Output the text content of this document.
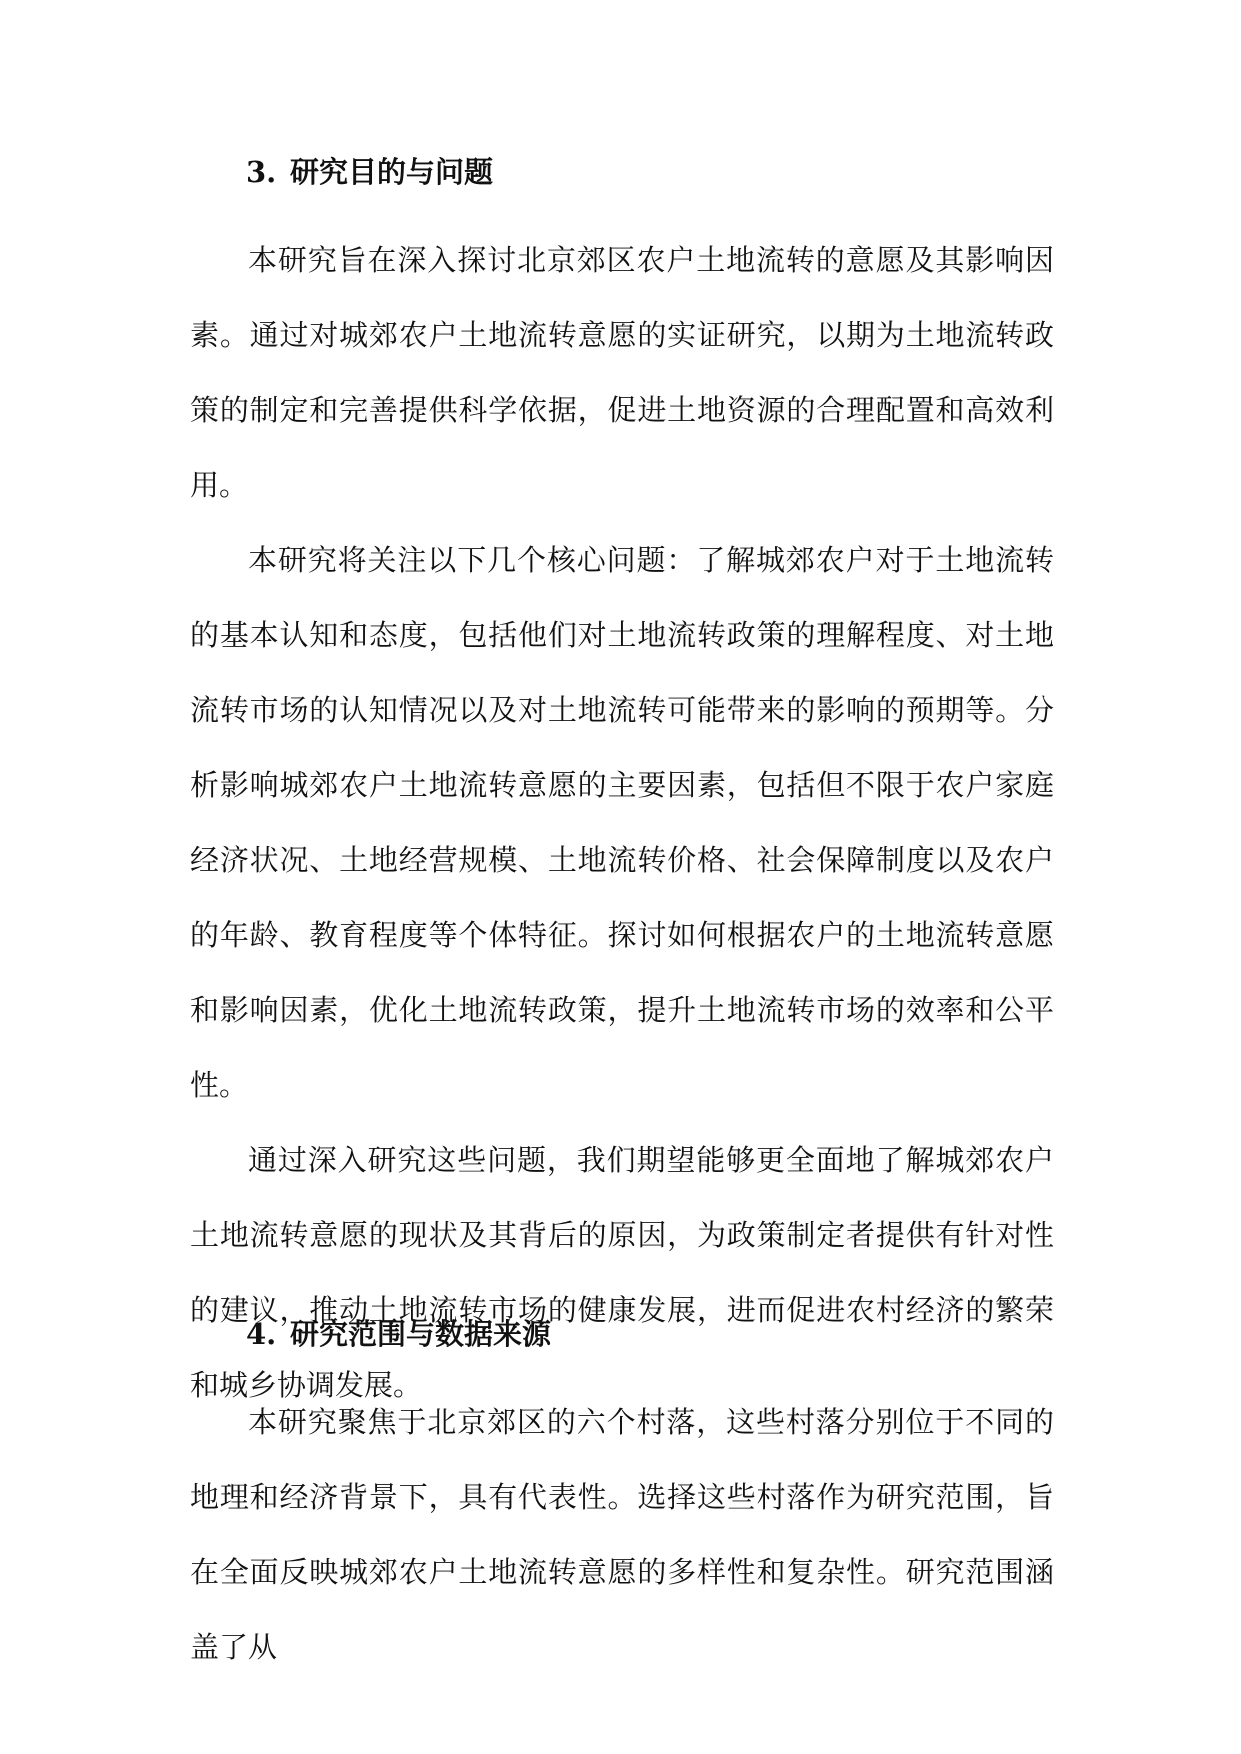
3. 研究目的与问题

本研究旨在深入探讨北京郊区农户土地流转的意愿及其影响因素。通过对城郊农户土地流转意愿的实证研究，以期为土地流转政策的制定和完善提供科学依据，促进土地资源的合理配置和高效利用。

本研究将关注以下几个核心问题：了解城郊农户对于土地流转的基本认知和态度，包括他们对土地流转政策的理解程度、对土地流转市场的认知情况以及对土地流转可能带来的影响的预期等。分析影响城郊农户土地流转意愿的主要因素，包括但不限于农户家庭经济状况、土地经营规模、土地流转价格、社会保障制度以及农户的年龄、教育程度等个体特征。探讨如何根据农户的土地流转意愿和影响因素，优化土地流转政策，提升土地流转市场的效率和公平性。

通过深入研究这些问题，我们期望能够更全面地了解城郊农户土地流转意愿的现状及其背后的原因，为政策制定者提供有针对性的建议，推动土地流转市场的健康发展，进而促进农村经济的繁荣和城乡协调发展。

4. 研究范围与数据来源

本研究聚焦于北京郊区的六个村落，这些村落分别位于不同的地理和经济背景下，具有代表性。选择这些村落作为研究范围，旨在全面反映城郊农户土地流转意愿的多样性和复杂性。研究范围涵盖了从
